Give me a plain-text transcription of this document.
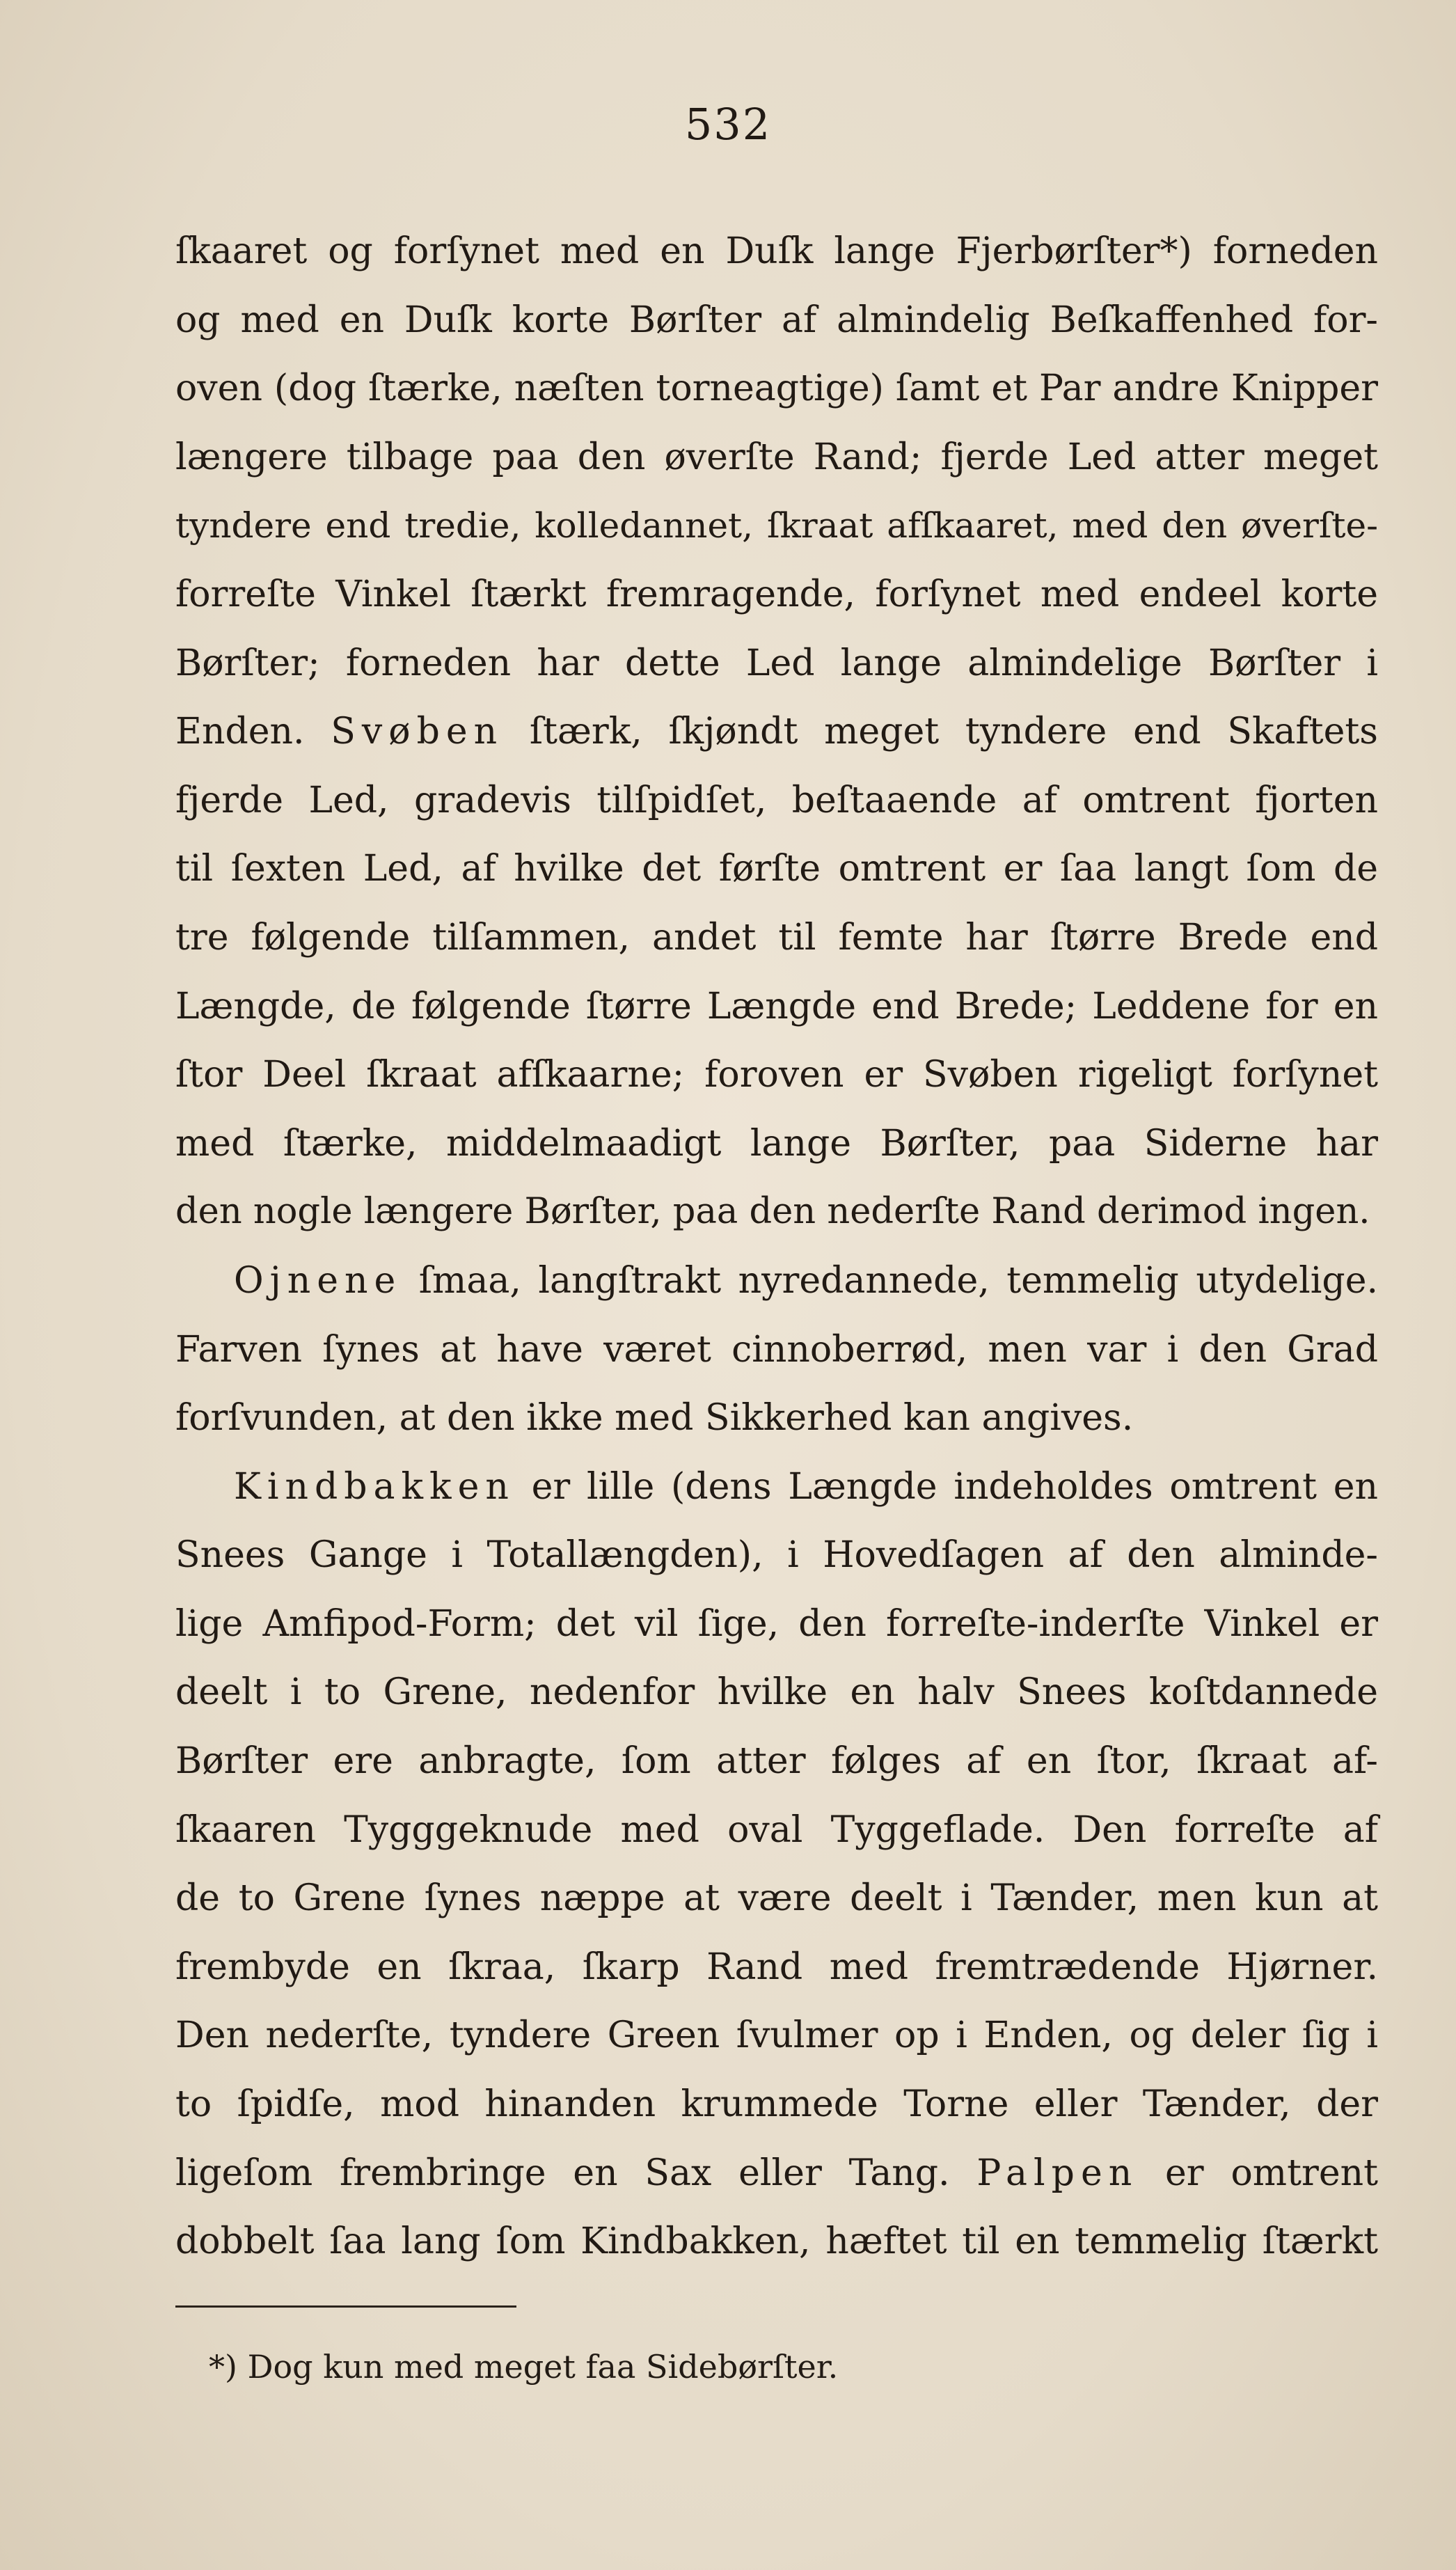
532
ſkaaret og forſynet med en Duſk lange Fjerbørſter*) forneden
og med en Duſk korte Børſter af almindelig Beſkaffenhed for-
oven (dog ſtærke, næſten torneagtige) ſamt et Par andre Knipper
længere tilbage paa den øverſte Rand; fjerde Led atter meget
tyndere end tredie, kolledannet, ſkraat afſkaaret, med den øverſte-
forreſte Vinkel ſtærkt fremragende, forſynet med endeel korte
Børſter; forneden har dette Led lange almindelige Børſter i
Enden. Svøben ſtærk, ſkjøndt meget tyndere end Skaftets
fjerde Led, gradevis tilſpidſet, beſtaaende af omtrent fjorten
til ſexten Led, af hvilke det førſte omtrent er ſaa langt ſom de
tre følgende tilſammen, andet til femte har ſtørre Brede end
Længde, de følgende ſtørre Længde end Brede; Leddene for en
ſtor Deel ſkraat afſkaarne; foroven er Svøben rigeligt forſynet
med ſtærke, middelmaadigt lange Børſter, paa Siderne har
den nogle længere Børſter, paa den nederſte Rand derimod ingen.
Ojnene ſmaa, langſtrakt nyredannede, temmelig utydelige.
Farven ſynes at have været cinnoberrød, men var i den Grad
forſvunden, at den ikke med Sikkerhed kan angives.
Kindbakken er lille (dens Længde indeholdes omtrent en
Snees Gange i Totallængden), i Hovedſagen af den alminde-
lige Amfipod-Form; det vil ſige, den forreſte-inderſte Vinkel er
deelt i to Grene, nedenfor hvilke en halv Snees koſtdannede
Børſter ere anbragte, ſom atter følges af en ſtor, ſkraat af-
ſkaaren Tygggeknude med oval Tyggeflade. Den forreſte af
de to Grene ſynes næppe at være deelt i Tænder, men kun at
frembyde en ſkraa, ſkarp Rand med fremtrædende Hjørner.
Den nederſte, tyndere Green ſvulmer op i Enden, og deler ſig i
to ſpidſe, mod hinanden krummede Torne eller Tænder, der
ligeſom frembringe en Sax eller Tang. Palpen er omtrent
dobbelt ſaa lang ſom Kindbakken, hæftet til en temmelig ſtærkt
*) Dog kun med meget faa Sidebørſter.
